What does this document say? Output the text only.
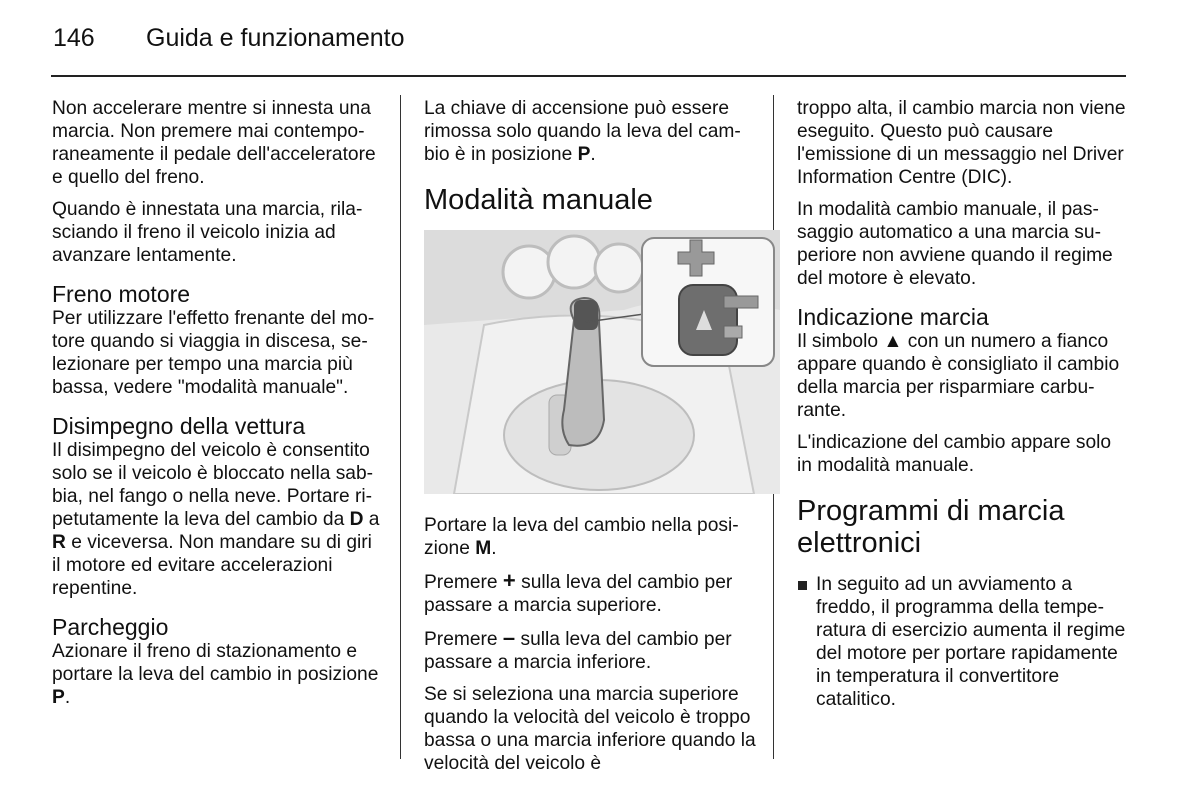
146 Guida e funzionamento

Non accelerare mentre si innesta una marcia. Non premere mai contemporaneamente il pedale dell'acceleratore e quello del freno.

Quando è innestata una marcia, rilasciando il freno il veicolo inizia ad avanzare lentamente.

Freno motore

Per utilizzare l'effetto frenante del motore quando si viaggia in discesa, selezionare per tempo una marcia più bassa, vedere "modalità manuale".

Disimpegno della vettura

Il disimpegno del veicolo è consentito solo se il veicolo è bloccato nella sabbia, nel fango o nella neve. Portare ripetutamente la leva del cambio da D a R e viceversa. Non mandare su di giri il motore ed evitare accelerazioni repentine.

Parcheggio

Azionare il freno di stazionamento e portare la leva del cambio in posizione P.

La chiave di accensione può essere rimossa solo quando la leva del cambio è in posizione P.

Modalità manuale

Portare la leva del cambio nella posizione M.

Premere + sulla leva del cambio per passare a marcia superiore.

Premere – sulla leva del cambio per passare a marcia inferiore.

Se si seleziona una marcia superiore quando la velocità del veicolo è troppo bassa o una marcia inferiore quando la velocità del veicolo è

troppo alta, il cambio marcia non viene eseguito. Questo può causare l'emissione di un messaggio nel Driver Information Centre (DIC).

In modalità cambio manuale, il passaggio automatico a una marcia superiore non avviene quando il regime del motore è elevato.

Indicazione marcia

Il simbolo ▲ con un numero a fianco appare quando è consigliato il cambio della marcia per risparmiare carburante.

L'indicazione del cambio appare solo in modalità manuale.

Programmi di marcia elettronici
In seguito ad un avviamento a freddo, il programma della temperatura di esercizio aumenta il regime del motore per portare rapidamente in temperatura il convertitore catalitico.
